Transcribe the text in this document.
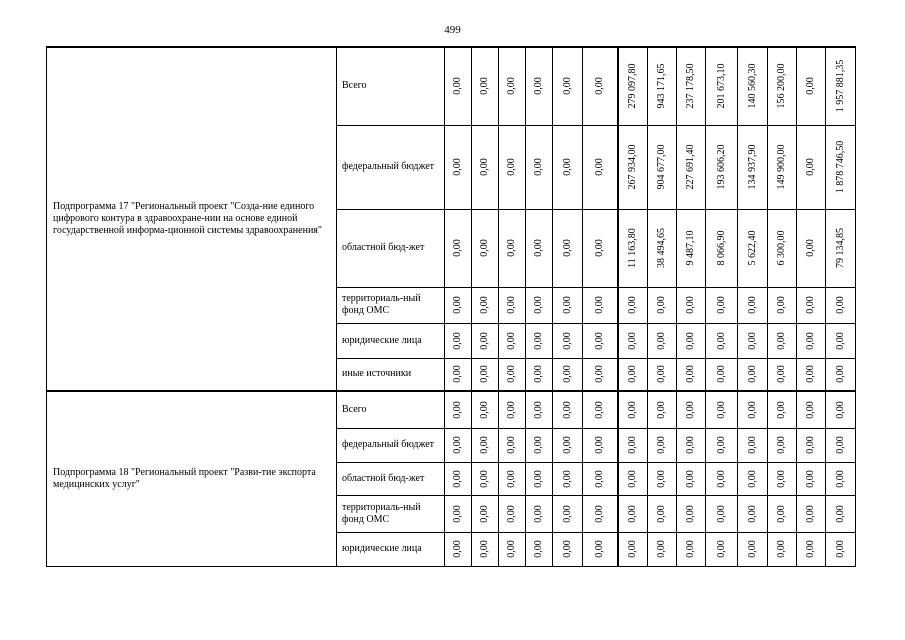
499
Подпрограмма 17 "Региональный проект "Созда-ние единого цифрового контура в здравоохране-нии на основе единой государственной информа-ционной системы здравоохранения"	Всего	0,00	0,00	0,00	0,00	0,00	0,00	279 097,80	943 171,65	237 178,50	201 673,10	140 560,30	156 200,00	0,00	1 957 881,35

	федеральный бюджет	0,00	0,00	0,00	0,00	0,00	0,00	267 934,00	904 677,00	227 691,40	193 606,20	134 937,90	149 900,00	0,00	1 878 746,50

	областной бюд-жет	0,00	0,00	0,00	0,00	0,00	0,00	11 163,80	38 494,65	9 487,10	8 066,90	5 622,40	6 300,00	0,00	79 134,85

	территориаль-ный фонд ОМС	0,00	0,00	0,00	0,00	0,00	0,00	0,00	0,00	0,00	0,00	0,00	0,00	0,00	0,00

	юридические лица	0,00	0,00	0,00	0,00	0,00	0,00	0,00	0,00	0,00	0,00	0,00	0,00	0,00	0,00

	иные источники	0,00	0,00	0,00	0,00	0,00	0,00	0,00	0,00	0,00	0,00	0,00	0,00	0,00	0,00

Подпрограмма 18 "Региональный проект "Разви-тие экспорта медицинских услуг"	Всего	0,00	0,00	0,00	0,00	0,00	0,00	0,00	0,00	0,00	0,00	0,00	0,00	0,00	0,00

	федеральный бюджет	0,00	0,00	0,00	0,00	0,00	0,00	0,00	0,00	0,00	0,00	0,00	0,00	0,00	0,00

	областной бюд-жет	0,00	0,00	0,00	0,00	0,00	0,00	0,00	0,00	0,00	0,00	0,00	0,00	0,00	0,00

	территориаль-ный фонд ОМС	0,00	0,00	0,00	0,00	0,00	0,00	0,00	0,00	0,00	0,00	0,00	0,00	0,00	0,00

	юридические лица	0,00	0,00	0,00	0,00	0,00	0,00	0,00	0,00	0,00	0,00	0,00	0,00	0,00	0,00
